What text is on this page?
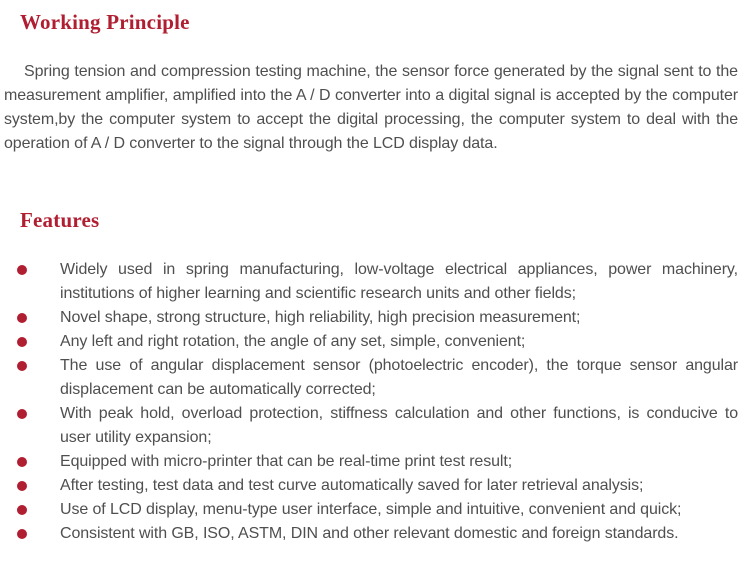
Working Principle

Spring tension and compression testing machine, the sensor force generated by the signal sent to the measurement amplifier, amplified into the A / D converter into a digital signal is accepted by the computer system,by the computer system to accept the digital processing, the computer system to deal with the operation of A / D converter to the signal through the LCD display data.

Features
Widely used in spring manufacturing, low-voltage electrical appliances, power machinery, institutions of higher learning and scientific research units and other fields;
Novel shape, strong structure, high reliability, high precision measurement;
Any left and right rotation, the angle of any set, simple, convenient;
The use of angular displacement sensor (photoelectric encoder), the torque sensor angular displacement can be automatically corrected;
With peak hold, overload protection, stiffness calculation and other functions, is conducive to user utility expansion;
Equipped with micro-printer that can be real-time print test result;
After testing, test data and test curve automatically saved for later retrieval analysis;
Use of LCD display, menu-type user interface, simple and intuitive, convenient and quick;
Consistent with GB, ISO, ASTM, DIN and other relevant domestic and foreign standards.
